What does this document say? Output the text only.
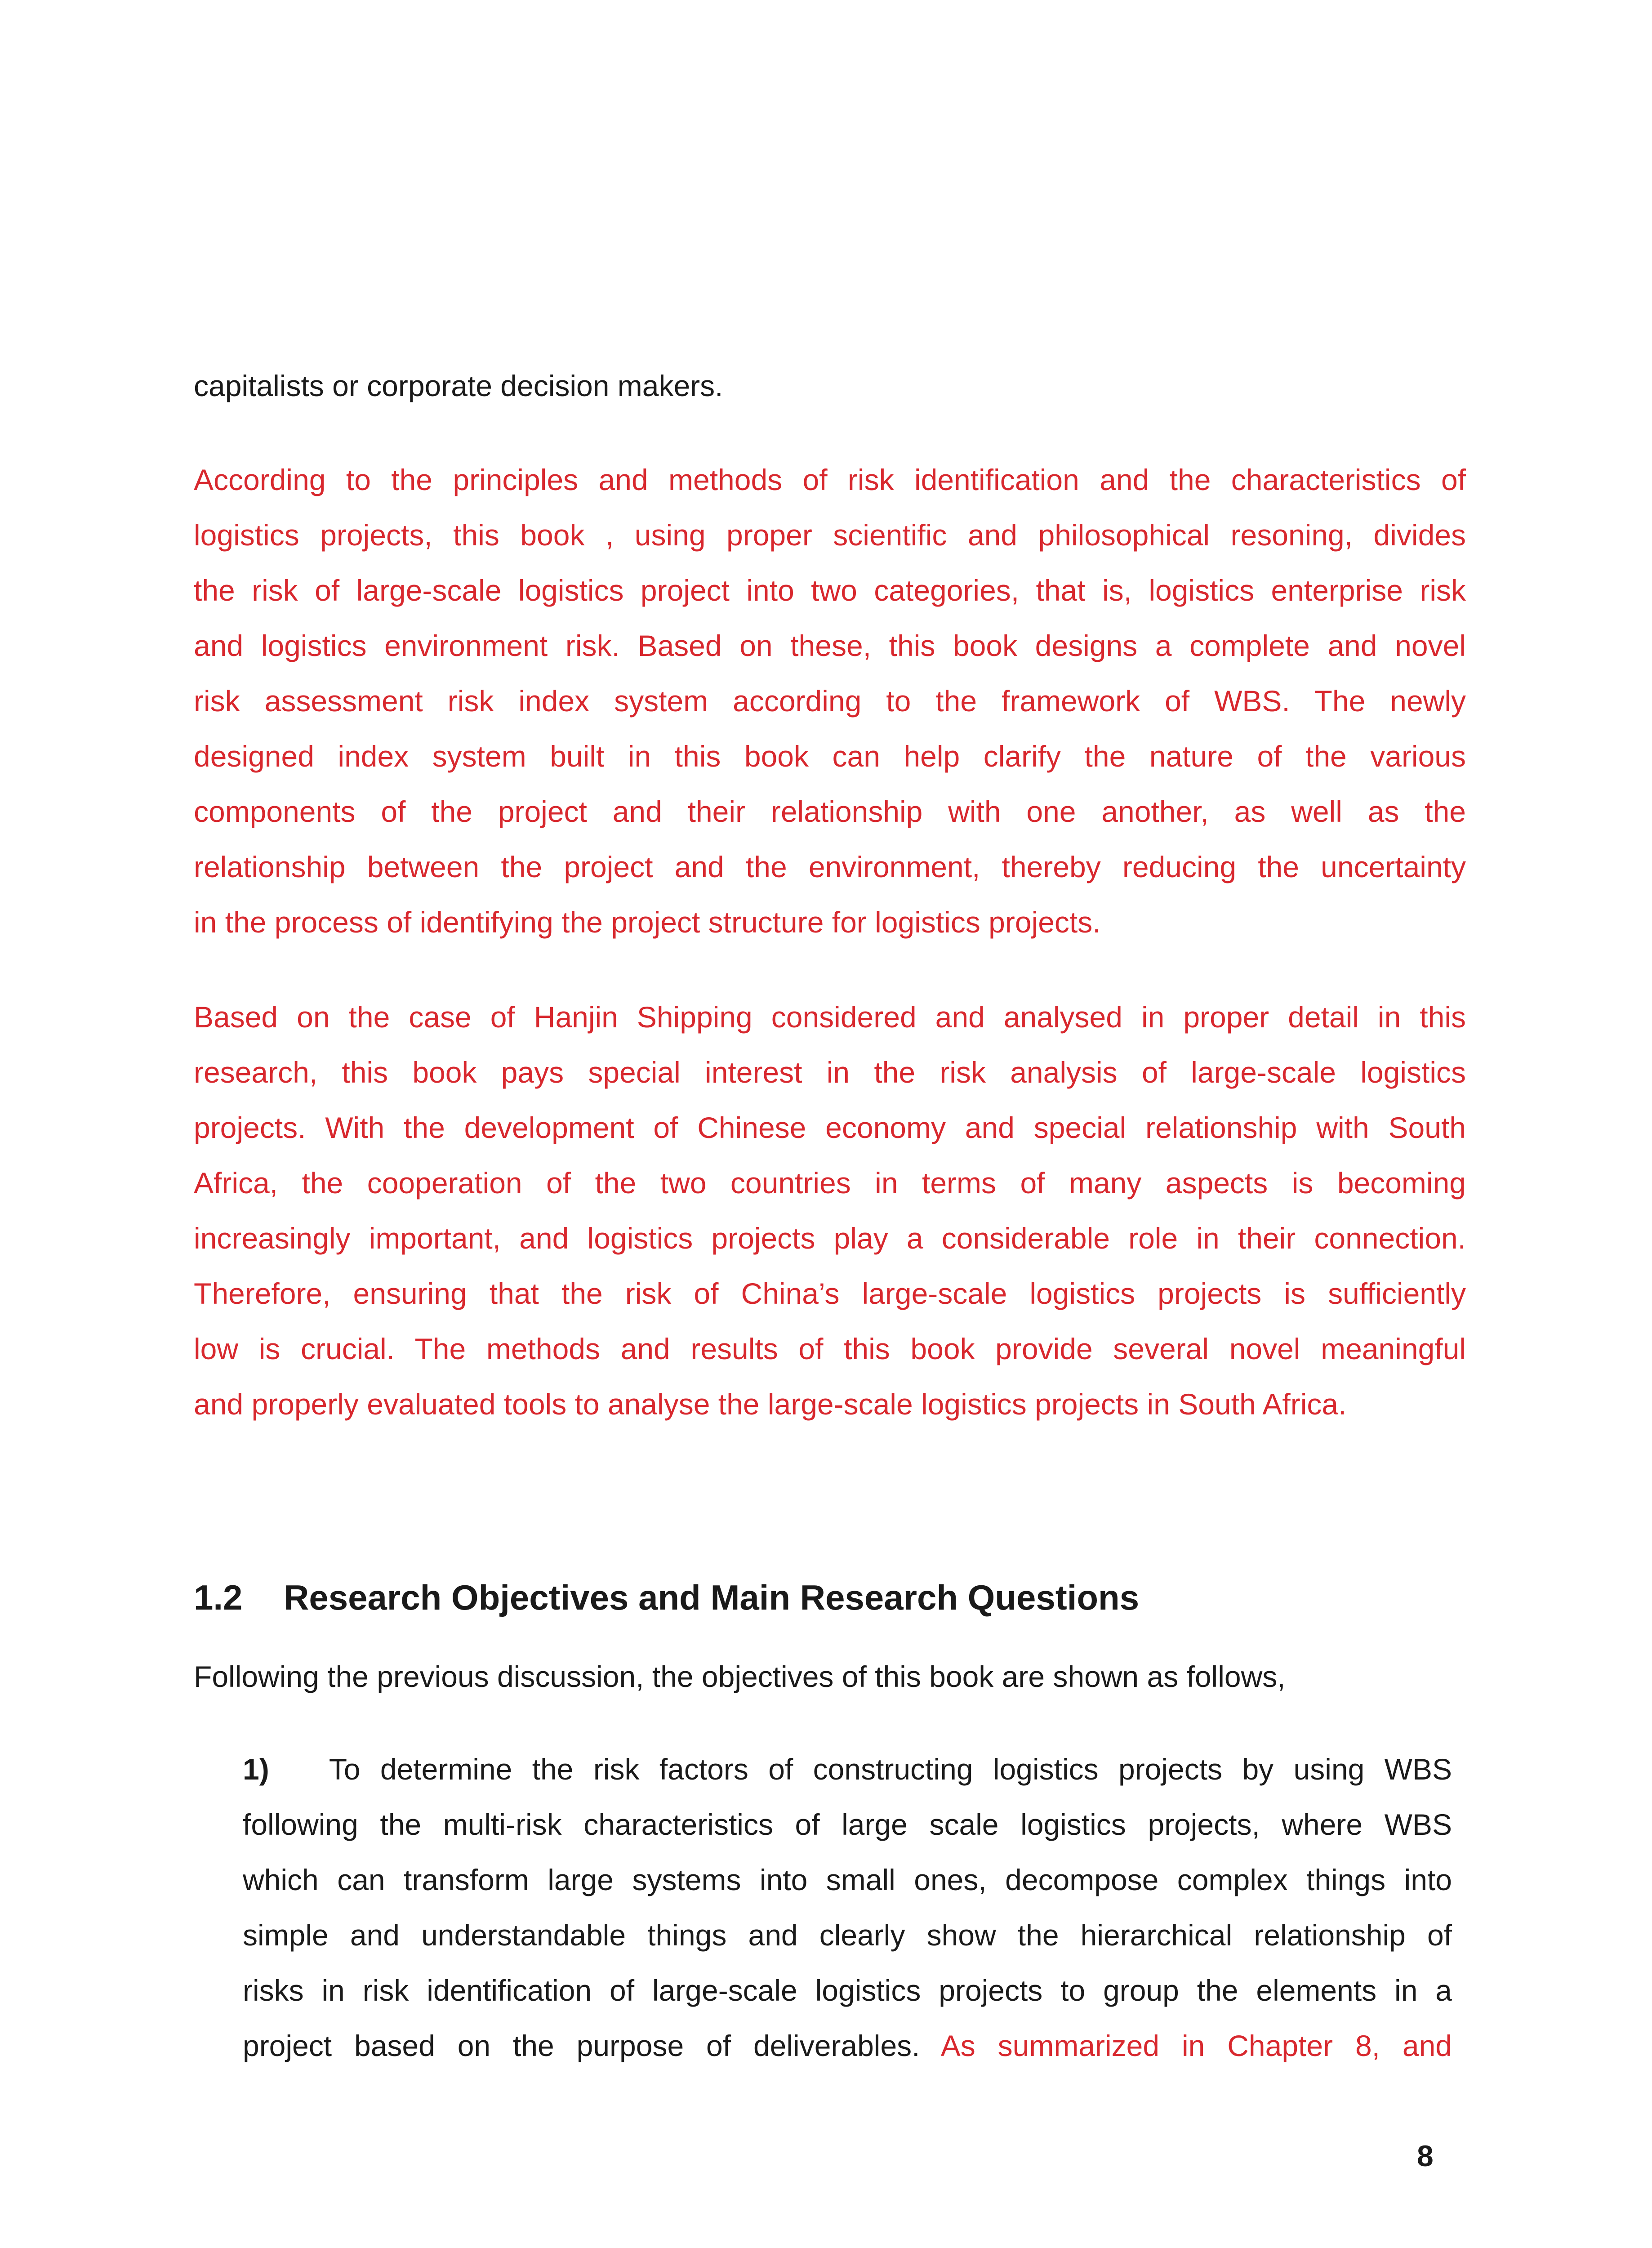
capitalists or corporate decision makers.

According to the principles and methods of risk identification and the characteristics of

logistics projects, this book , using proper scientific and philosophical resoning, divides

the risk of large-scale logistics project into two categories, that is, logistics enterprise risk

and logistics environment risk. Based on these, this book designs a complete and novel

risk assessment risk index system according to the framework of WBS. The newly

designed index system built in this book can help clarify the nature of the various

components of the project and their relationship with one another, as well as the

relationship between the project and the environment, thereby reducing the uncertainty

in the process of identifying the project structure for logistics projects.

Based on the case of Hanjin Shipping considered and analysed in proper detail in this

research, this book pays special interest in the risk analysis of large-scale logistics

projects. With the development of Chinese economy and special relationship with South

Africa, the cooperation of the two countries in terms of many aspects is becoming

increasingly important, and logistics projects play a considerable role in their connection.

Therefore, ensuring that the risk of China’s large-scale logistics projects is sufficiently

low is crucial. The methods and results of this book provide several novel meaningful

and properly evaluated tools to analyse the large-scale logistics projects in South Africa.

1.2 Research Objectives and Main Research Questions

Following the previous discussion, the objectives of this book are shown as follows,

1) To determine the risk factors of constructing logistics projects by using WBS

following the multi-risk characteristics of large scale logistics projects, where WBS

which can transform large systems into small ones, decompose complex things into

simple and understandable things and clearly show the hierarchical relationship of

risks in risk identification of large-scale logistics projects to group the elements in a

project based on the purpose of deliverables. As summarized in Chapter 8, and

8
